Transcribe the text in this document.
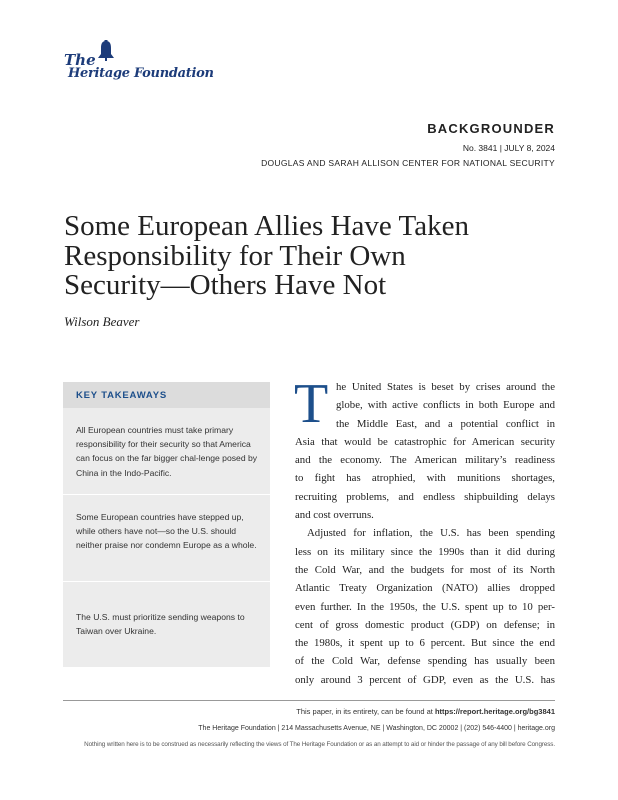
The
Heritage Foundation
BACKGROUNDER
No. 3841 | JULY 8, 2024
DOUGLAS AND SARAH ALLISON CENTER FOR NATIONAL SECURITY
Some European Allies Have Taken
Responsibility for Their Own
Security—Others Have Not
Wilson Beaver
KEY TAKEAWAYS
All European countries must take primary responsibility for their security so that America can focus on the far bigger chal-lenge posed by China in the Indo-Pacific.
Some European countries have stepped up, while others have not—so the U.S. should neither praise nor condemn Europe as a whole.
The U.S. must prioritize sending weapons to Taiwan over Ukraine.
T he United States is beset by crises around the
globe, with active conflicts in both Europe and
the Middle East, and a potential conflict in
Asia that would be catastrophic for American security
and the economy. The American military’s readiness
to fight has atrophied, with munitions shortages,
recruiting problems, and endless shipbuilding delays
and cost overruns.
Adjusted for inflation, the U.S. has been spending
less on its military since the 1990s than it did during
the Cold War, and the budgets for most of its North
Atlantic Treaty Organization (NATO) allies dropped
even further. In the 1950s, the U.S. spent up to 10 per-
cent of gross domestic product (GDP) on defense; in
the 1980s, it spent up to 6 percent. But since the end
of the Cold War, defense spending has usually been
only around 3 percent of GDP, even as the U.S. has
This paper, in its entirety, can be found at https://report.heritage.org/bg3841
The Heritage Foundation | 214 Massachusetts Avenue, NE | Washington, DC 20002 | (202) 546-4400 | heritage.org
Nothing written here is to be construed as necessarily reflecting the views of The Heritage Foundation or as an attempt to aid or hinder the passage of any bill before Congress.
